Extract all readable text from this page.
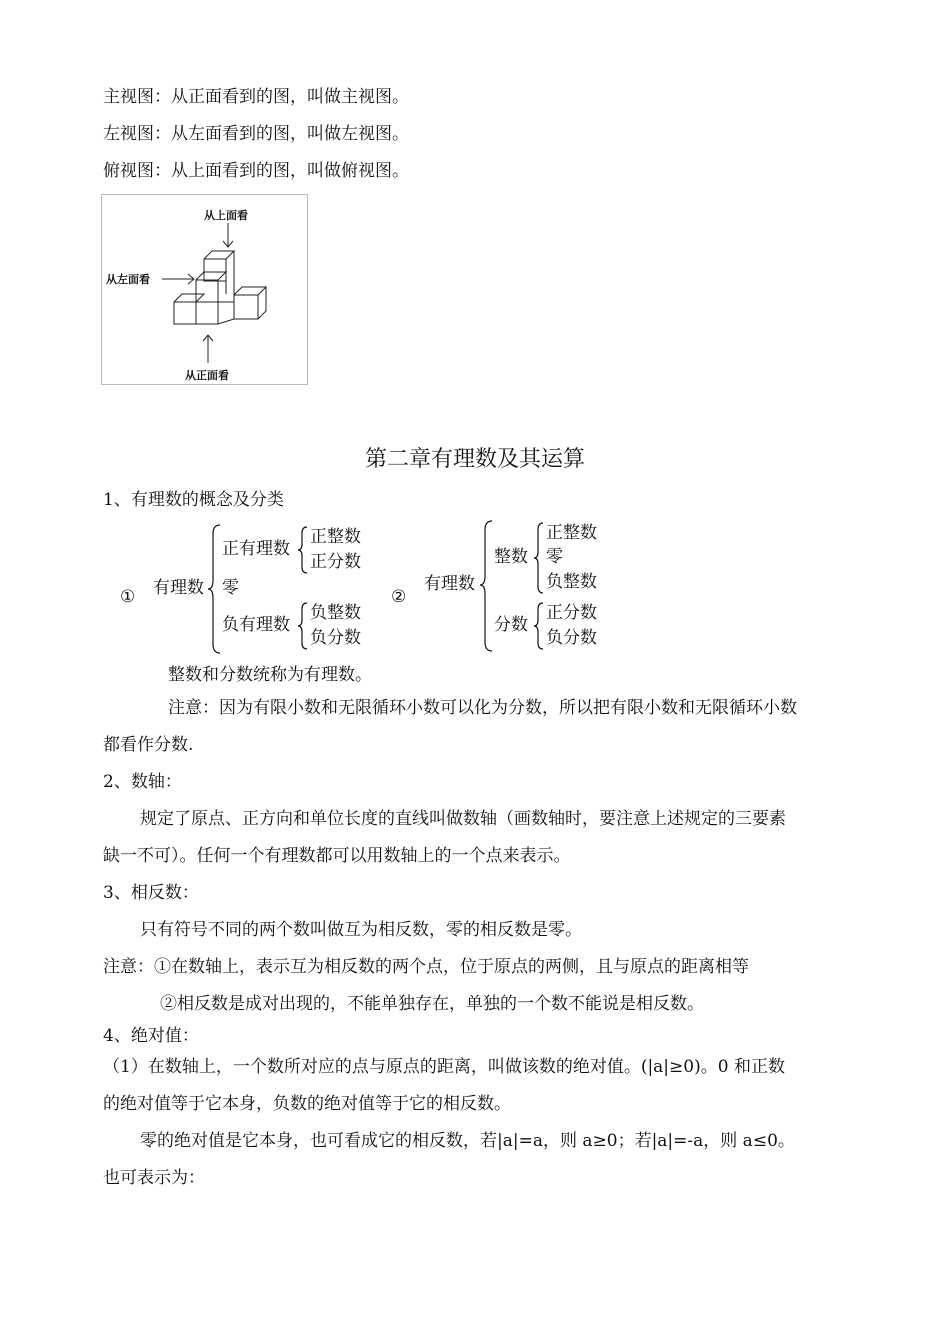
主视图：从正面看到的图，叫做主视图。
左视图：从左面看到的图，叫做左视图。
俯视图：从上面看到的图，叫做俯视图。
从上面看
从左面看
从正面看
第二章有理数及其运算
1、有理数的概念及分类
① 有理数
正有理数
正整数
正分数
零
负有理数
负整数
负分数
②
有理数
整数
正整数
零
负整数
分数
正分数
负分数
整数和分数统称为有理数。
注意：因为有限小数和无限循环小数可以化为分数，所以把有限小数和无限循环小数
都看作分数.
2、数轴：
规定了原点、正方向和单位长度的直线叫做数轴（画数轴时，要注意上述规定的三要素
缺一不可）。任何一个有理数都可以用数轴上的一个点来表示。
3、相反数：
只有符号不同的两个数叫做互为相反数，零的相反数是零。
注意：①在数轴上，表示互为相反数的两个点，位于原点的两侧，且与原点的距离相等
②相反数是成对出现的，不能单独存在，单独的一个数不能说是相反数。
4、绝对值：
（1）在数轴上，一个数所对应的点与原点的距离，叫做该数的绝对值。(|a|≥0)。0 和正数
的绝对值等于它本身，负数的绝对值等于它的相反数。
零的绝对值是它本身，也可看成它的相反数，若|a|=a，则 a≥0；若|a|=-a，则 a≤0。
也可表示为：
